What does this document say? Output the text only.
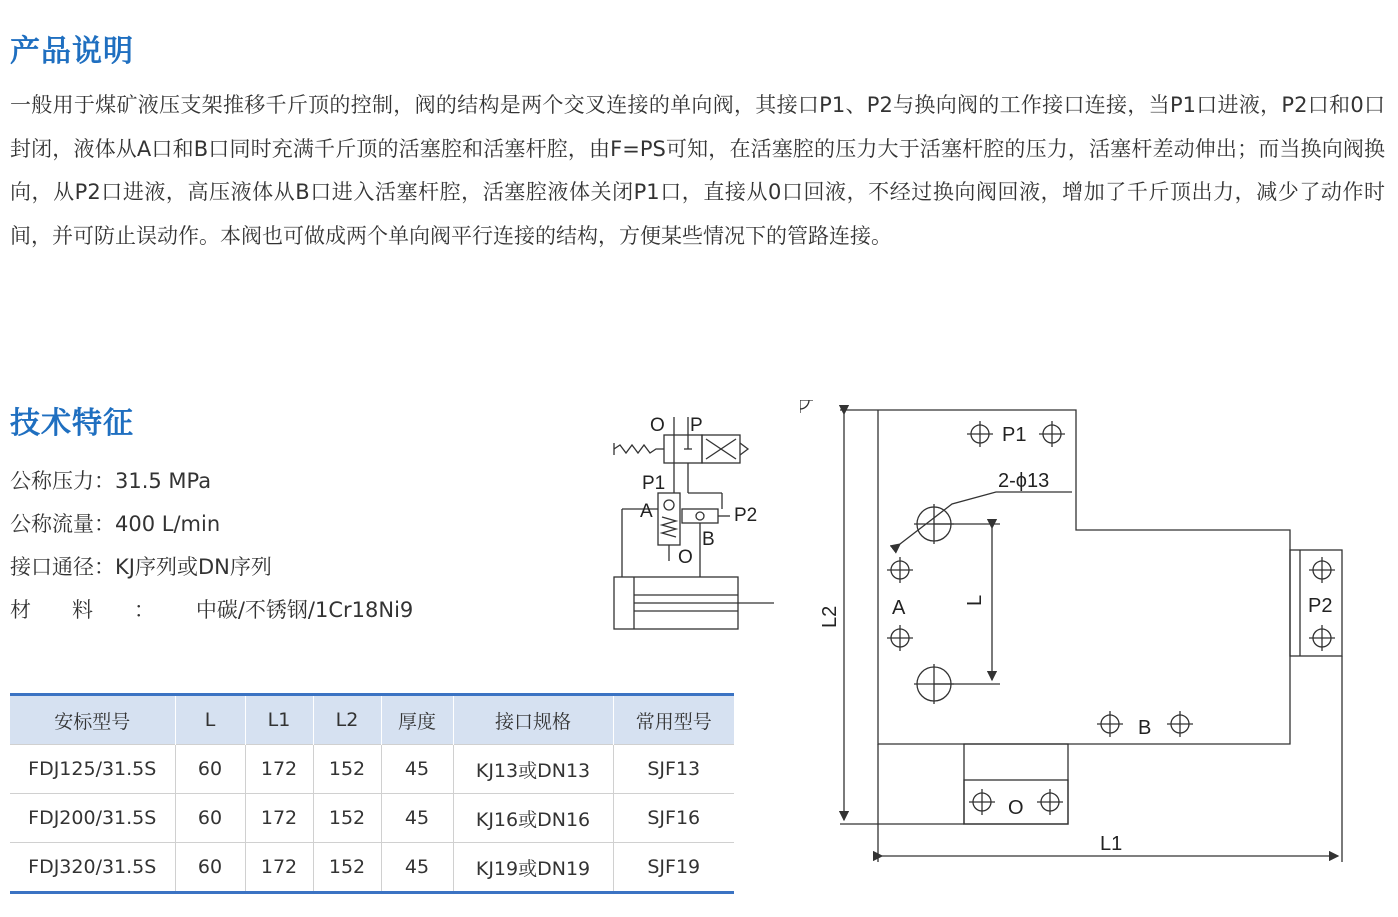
产品说明

一般用于煤矿液压支架推移千斤顶的控制，阀的结构是两个交叉连接的单向阀，其接口P1、P2与换向阀的工作接口连接，当P1口进液，P2口和0口封闭，液体从A口和B口同时充满千斤顶的活塞腔和活塞杆腔，由F=PS可知，在活塞腔的压力大于活塞杆腔的压力，活塞杆差动伸出；而当换向阀换向，从P2口进液，高压液体从B口进入活塞杆腔，活塞腔液体关闭P1口，直接从0口回液，不经过换向阀回液，增加了千斤顶出力，减少了动作时间，并可防止误动作。本阀也可做成两个单向阀平行连接的结构，方便某些情况下的管路连接。

技术特征
公称压力：31.5 MPa
公称流量：400 L/min
接口通径：KJ序列或DN序列
材料：中碳/不锈钢/1Cr18Ni9
安标型号	L	L1	L2	厚度	接口规格	常用型号
FDJ125/31.5S	60	172	152	45	KJ13或DN13	SJF13
FDJ200/31.5S	60	172	152	45	KJ16或DN16	SJF16
FDJ320/31.5S	60	172	152	45	KJ19或DN19	SJF19
O P
P1
A	P2
B
O
P1
2-ϕ13
A	L
L2	P2
B
O
L1
